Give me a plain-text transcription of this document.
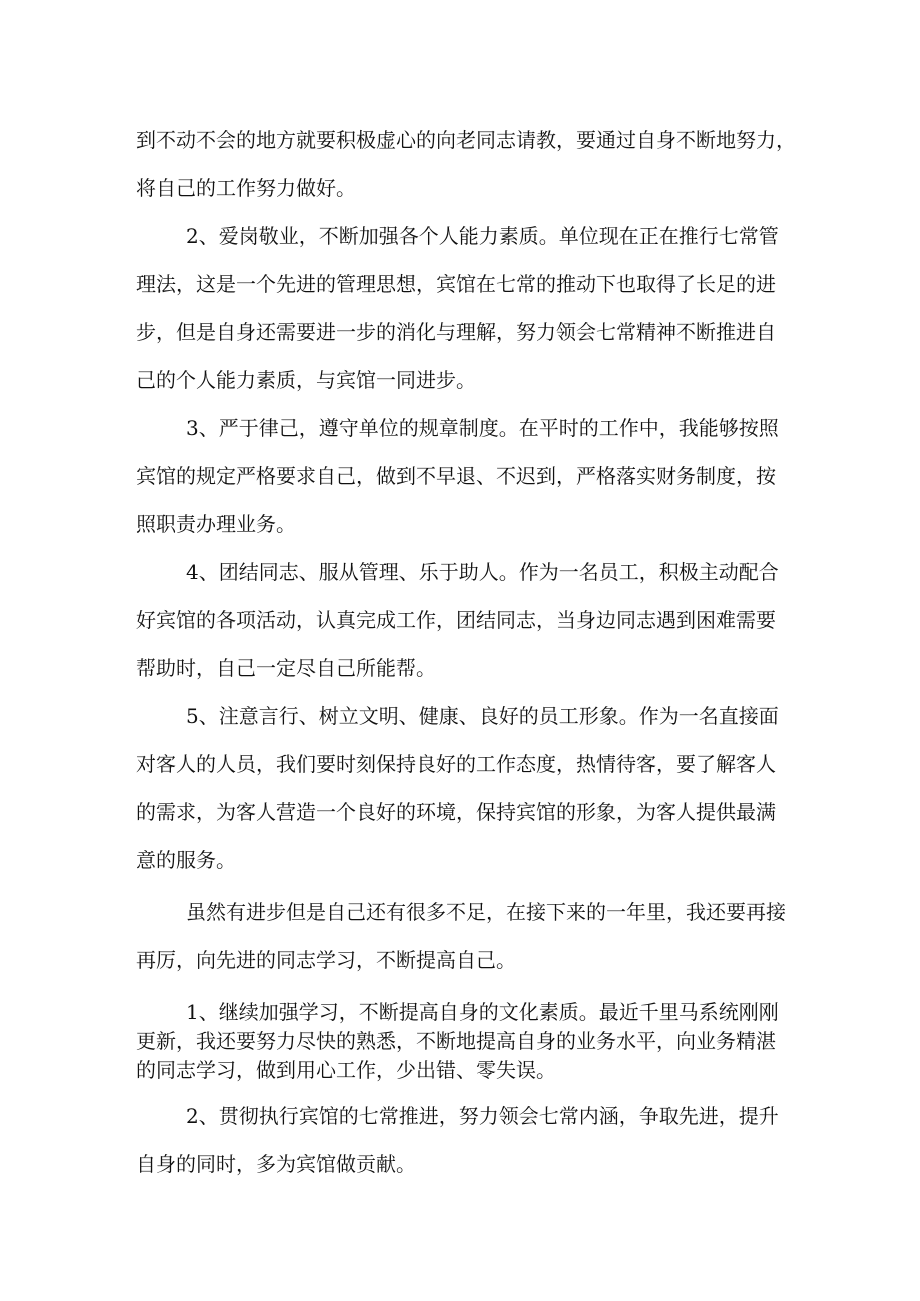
到不动不会的地方就要积极虚心的向老同志请教，要通过自身不断地努力，
将自己的工作努力做好。
2、爱岗敬业，不断加强各个人能力素质。单位现在正在推行七常管
理法，这是一个先进的管理思想，宾馆在七常的推动下也取得了长足的进
步，但是自身还需要进一步的消化与理解，努力领会七常精神不断推进自
己的个人能力素质，与宾馆一同进步。
3、严于律己，遵守单位的规章制度。在平时的工作中，我能够按照
宾馆的规定严格要求自己，做到不早退、不迟到，严格落实财务制度，按
照职责办理业务。
4、团结同志、服从管理、乐于助人。作为一名员工，积极主动配合
好宾馆的各项活动，认真完成工作，团结同志，当身边同志遇到困难需要
帮助时，自己一定尽自己所能帮。
5、注意言行、树立文明、健康、良好的员工形象。作为一名直接面
对客人的人员，我们要时刻保持良好的工作态度，热情待客，要了解客人
的需求，为客人营造一个良好的环境，保持宾馆的形象，为客人提供最满
意的服务。
虽然有进步但是自己还有很多不足，在接下来的一年里，我还要再接
再厉，向先进的同志学习，不断提高自己。
1、继续加强学习，不断提高自身的文化素质。最近千里马系统刚刚
更新，我还要努力尽快的熟悉，不断地提高自身的业务水平，向业务精湛
的同志学习，做到用心工作，少出错、零失误。
2、贯彻执行宾馆的七常推进，努力领会七常内涵，争取先进，提升
自身的同时，多为宾馆做贡献。
